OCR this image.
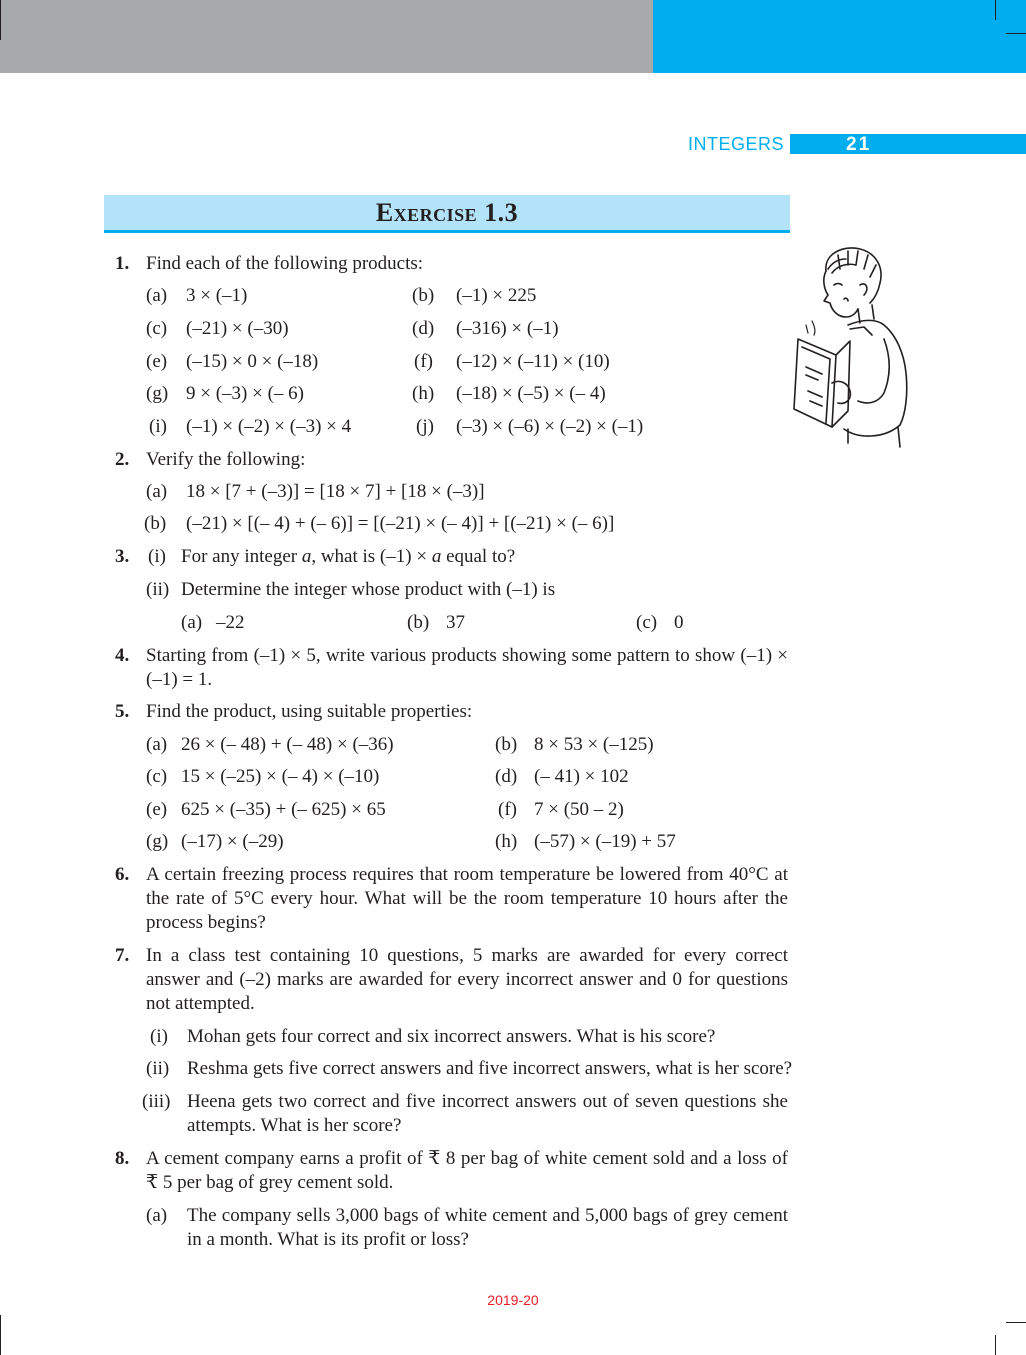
INTEGERS	21
Exercise 1.3
1. Find each of the following products:
(a) 3 × (–1)	(b) (–1) × 225
(c) (–21) × (–30)	(d) (–316) × (–1)
(e) (–15) × 0 × (–18)	(f) (–12) × (–11) × (10)
(g) 9 × (–3) × (– 6)	(h) (–18) × (–5) × (– 4)
(i) (–1) × (–2) × (–3) × 4	(j) (–3) × (–6) × (–2) × (–1)
2. Verify the following:
(a) 18 × [7 + (–3)] = [18 × 7] + [18 × (–3)]
(b) (–21) × [(– 4) + (– 6)] = [(–21) × (– 4)] + [(–21) × (– 6)]
3. (i) For any integer a, what is (–1) × a equal to?
(ii) Determine the integer whose product with (–1) is
(a) –22	(b) 37	(c) 0
4. Starting from (–1) × 5, write various products showing some pattern to show (–1) × (–1) = 1.
5. Find the product, using suitable properties:
(a) 26 × (– 48) + (– 48) × (–36)	(b) 8 × 53 × (–125)
(c) 15 × (–25) × (– 4) × (–10)	(d) (– 41) × 102
(e) 625 × (–35) + (– 625) × 65	(f) 7 × (50 – 2)
(g) (–17) × (–29)	(h) (–57) × (–19) + 57
6. A certain freezing process requires that room temperature be lowered from 40°C at the rate of 5°C every hour. What will be the room temperature 10 hours after the process begins?
7. In a class test containing 10 questions, 5 marks are awarded for every correct answer and (–2) marks are awarded for every incorrect answer and 0 for questions not attempted.
(i) Mohan gets four correct and six incorrect answers. What is his score?
(ii) Reshma gets five correct answers and five incorrect answers, what is her score?
(iii) Heena gets two correct and five incorrect answers out of seven questions she attempts. What is her score?
8. A cement company earns a profit of ₹ 8 per bag of white cement sold and a loss of ₹ 5 per bag of grey cement sold.
(a) The company sells 3,000 bags of white cement and 5,000 bags of grey cement in a month. What is its profit or loss?
2019-20
